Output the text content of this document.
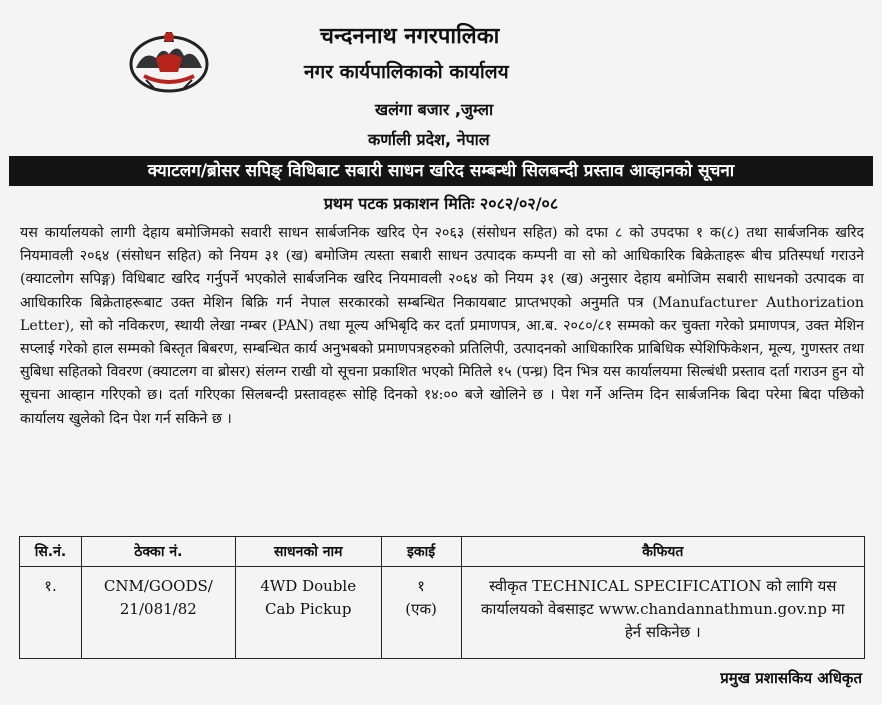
चन्दननाथ नगरपालिका
नगर कार्यपालिकाको कार्यालय
खलंगा बजार ,जुम्ला
कर्णाली प्रदेश, नेपाल
क्याटलग/ब्रोसर सपिङ् विधिबाट सबारी साधन खरिद सम्बन्धी सिलबन्दी प्रस्ताव आव्हानको सूचना
प्रथम पटक प्रकाशन मितिः २०८२/०२/०८
यस कार्यालयको लागी देहाय बमोजिमको सवारी साधन सार्बजनिक खरिद ऐन २०६३ (संसोधन सहित) को दफा ८ को उपदफा १ क(८) तथा सार्बजनिक खरिद नियमावली २०६४ (संसोधन सहित) को नियम ३१ (ख) बमोजिम त्यस्ता सबारी साधन उत्पादक कम्पनी वा सो को आधिकारिक बिक्रेताहरू बीच प्रतिस्पर्धा गराउने (क्याटलोग सपिङ्ग) विधिबाट खरिद गर्नुपर्ने भएकोले सार्बजनिक खरिद नियमावली २०६४ को नियम ३१ (ख) अनुसार देहाय बमोजिम सबारी साधनको उत्पादक वा आधिकारिक बिक्रेताहरूबाट उक्त मेशिन बिक्रि गर्न नेपाल सरकारको सम्बन्धित निकायबाट प्राप्तभएको अनुमति पत्र (Manufacturer Authorization Letter), सो को नविकरण, स्थायी लेखा नम्बर (PAN) तथा मूल्य अभिबृदि कर दर्ता प्रमाणपत्र, आ.ब. २०८०/८१ सम्मको कर चुक्ता गरेको प्रमाणपत्र, उक्त मेशिन सप्लाई गरेको हाल सम्मको बिस्तृत बिबरण, सम्बन्धित कार्य अनुभबको प्रमाणपत्रहरुको प्रतिलिपी, उत्पादनको आधिकारिक प्राबिधिक स्पेशिफिकेशन, मूल्य, गुणस्तर तथा सुबिधा सहितको विवरण (क्याटलग वा ब्रोसर) संलग्न राखी यो सूचना प्रकाशित भएको मितिले १५ (पन्ध्र) दिन भित्र यस कार्यालयमा सिल्बंधी प्रस्ताव दर्ता गराउन हुन यो सूचना आव्हान गरिएको छ। दर्ता गरिएका सिलबन्दी प्रस्तावहरू सोहि दिनको १४:०० बजे खोलिने छ । पेश गर्ने अन्तिम दिन सार्बजनिक बिदा परेमा बिदा पछिको कार्यालय खुलेको दिन पेश गर्न सकिने छ ।
सि.नं.	ठेक्का नं.	साधनको नाम	इकाई	कैफियत
१.	CNM/GOODS/ 21/081/82	4WD Double Cab Pickup	१ (एक)	स्वीकृत TECHNICAL SPECIFICATION को लागि यस कार्यालयको वेबसाइट www.chandannathmun.gov.np मा हेर्न सकिनेछ ।
प्रमुख प्रशासकिय अधिकृत
